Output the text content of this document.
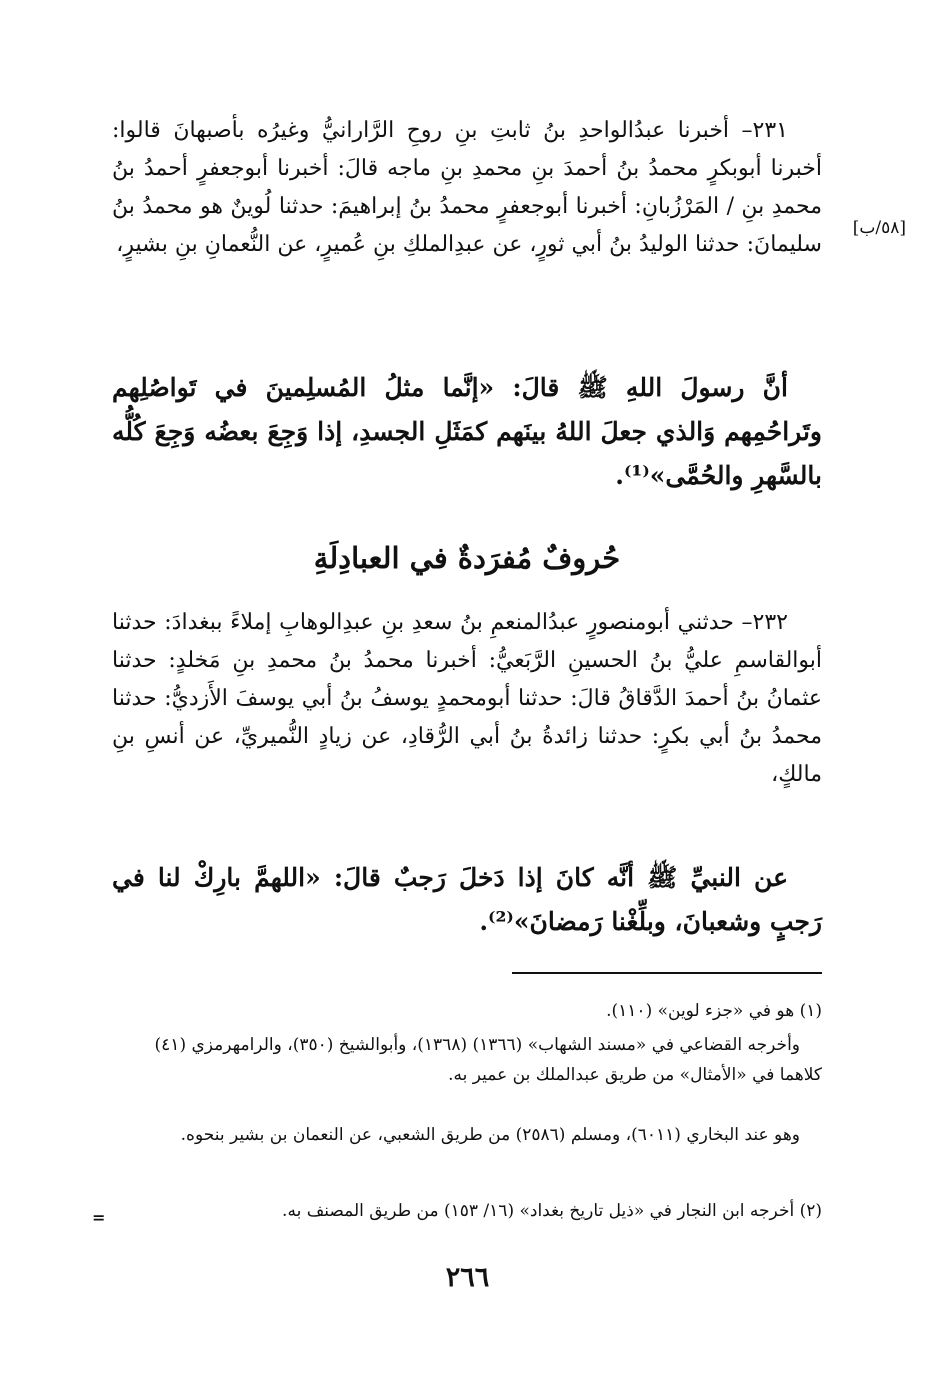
[٥٨/ب]
٢٣١– أخبرنا عبدُالواحدِ بنُ ثابتِ بنِ روحِ الرَّارانيُّ وغيرُه بأصبهانَ قالوا: أخبرنا أبوبكرٍ محمدُ بنُ أحمدَ بنِ محمدِ بنِ ماجه قالَ: أخبرنا أبوجعفرٍ أحمدُ بنُ محمدِ بنِ / المَرْزُبانِ: أخبرنا أبوجعفرٍ محمدُ بنُ إبراهيمَ: حدثنا لُوينٌ هو محمدُ بنُ سليمانَ: حدثنا الوليدُ بنُ أبي ثورٍ، عن عبدِالملكِ بنِ عُميرٍ، عن النُّعمانِ بنِ بشيرٍ،
أنَّ رسولَ اللهِ ﷺ قالَ: «إنَّما مثلُ المُسلِمينَ في تَواصُلِهم وتَراحُمِهم وَالذي جعلَ اللهُ بينَهم كمَثَلِ الجسدِ، إذا وَجِعَ بعضُه وَجِعَ كُلُّه بالسَّهرِ والحُمَّى»⁽¹⁾.
حُروفٌ مُفرَدةٌ في العبادِلَةِ
٢٣٢– حدثني أبومنصورٍ عبدُالمنعمِ بنُ سعدِ بنِ عبدِالوهابِ إملاءً ببغدادَ: حدثنا أبوالقاسمِ عليُّ بنُ الحسينِ الرَّبَعيُّ: أخبرنا محمدُ بنُ محمدِ بنِ مَخلدٍ: حدثنا عثمانُ بنُ أحمدَ الدَّقاقُ قالَ: حدثنا أبومحمدٍ يوسفُ بنُ أبي يوسفَ الأَزديُّ: حدثنا محمدُ بنُ أبي بكرٍ: حدثنا زائدةُ بنُ أبي الرُّقادِ، عن زيادٍ النُّميريِّ، عن أنسِ بنِ مالكٍ،
عن النبيِّ ﷺ أنَّه كانَ إذا دَخلَ رَجبٌ قالَ: «اللهمَّ بارِكْ لنا في رَجبٍ وشعبانَ، وبلِّغْنا رَمضانَ»⁽²⁾.
(١) هو في «جزء لوين» (١١٠).
وأخرجه القضاعي في «مسند الشهاب» (١٣٦٦) (١٣٦٨)، وأبوالشيخ (٣٥٠)، والرامهرمزي (٤١) كلاهما في «الأمثال» من طريق عبدالملك بن عمير به.
وهو عند البخاري (٦٠١١)، ومسلم (٢٥٨٦) من طريق الشعبي، عن النعمان بن بشير بنحوه.
(٢) أخرجه ابن النجار في «ذيل تاريخ بغداد» (١٦/ ١٥٣) من طريق المصنف به.
=
٢٦٦
